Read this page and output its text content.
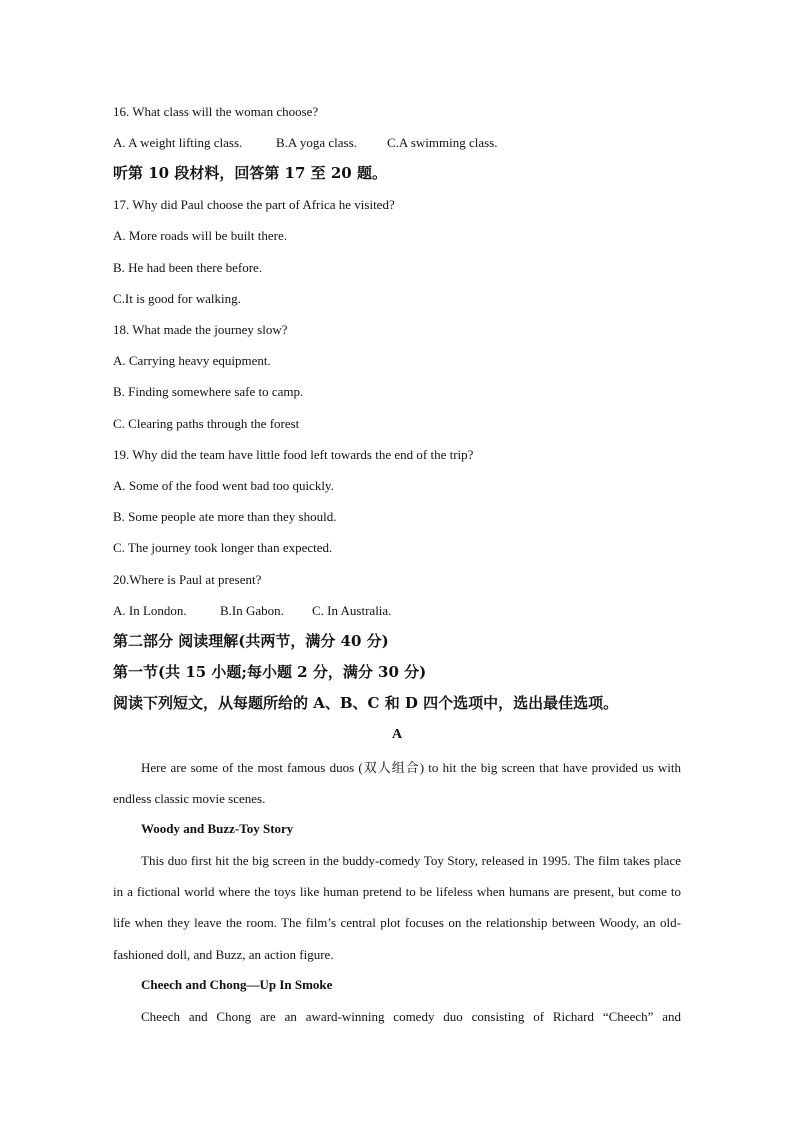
16. What class will the woman choose?
A. A weight lifting class.	B.A yoga class. C.A swimming class.
听第 10 段材料，回答第 17 至 20 题。
17. Why did Paul choose the part of Africa he visited?
A. More roads will be built there.
B. He had been there before.
C.It is good for walking.
18. What made the journey slow?
A. Carrying heavy equipment.
B. Finding somewhere safe to camp.
C. Clearing paths through the forest
19. Why did the team have little food left towards the end of the trip?
A. Some of the food went bad too quickly.
B. Some people ate more than they should.
C. The journey took longer than expected.
20.Where is Paul at present?
A. In London.	B.In Gabon. C. In Australia.
第二部分 阅读理解(共两节，满分 40 分)
第一节(共 15 小题;每小题 2 分，满分 30 分)
阅读下列短文，从每题所给的 A、B、C 和 D 四个选项中，选出最佳选项。
A

Here are some of the most famous duos (双人组合) to hit the big screen that have provided us with endless classic movie scenes.

Woody and Buzz-Toy Story

This duo first hit the big screen in the buddy-comedy Toy Story, released in 1995. The film takes place in a fictional world where the toys like human pretend to be lifeless when humans are present, but come to life when they leave the room. The film’s central plot focuses on the relationship between Woody, an old-fashioned doll, and Buzz, an action figure.

Cheech and Chong—Up In Smoke

Cheech and Chong are an award-winning comedy duo consisting of Richard “Cheech” and
